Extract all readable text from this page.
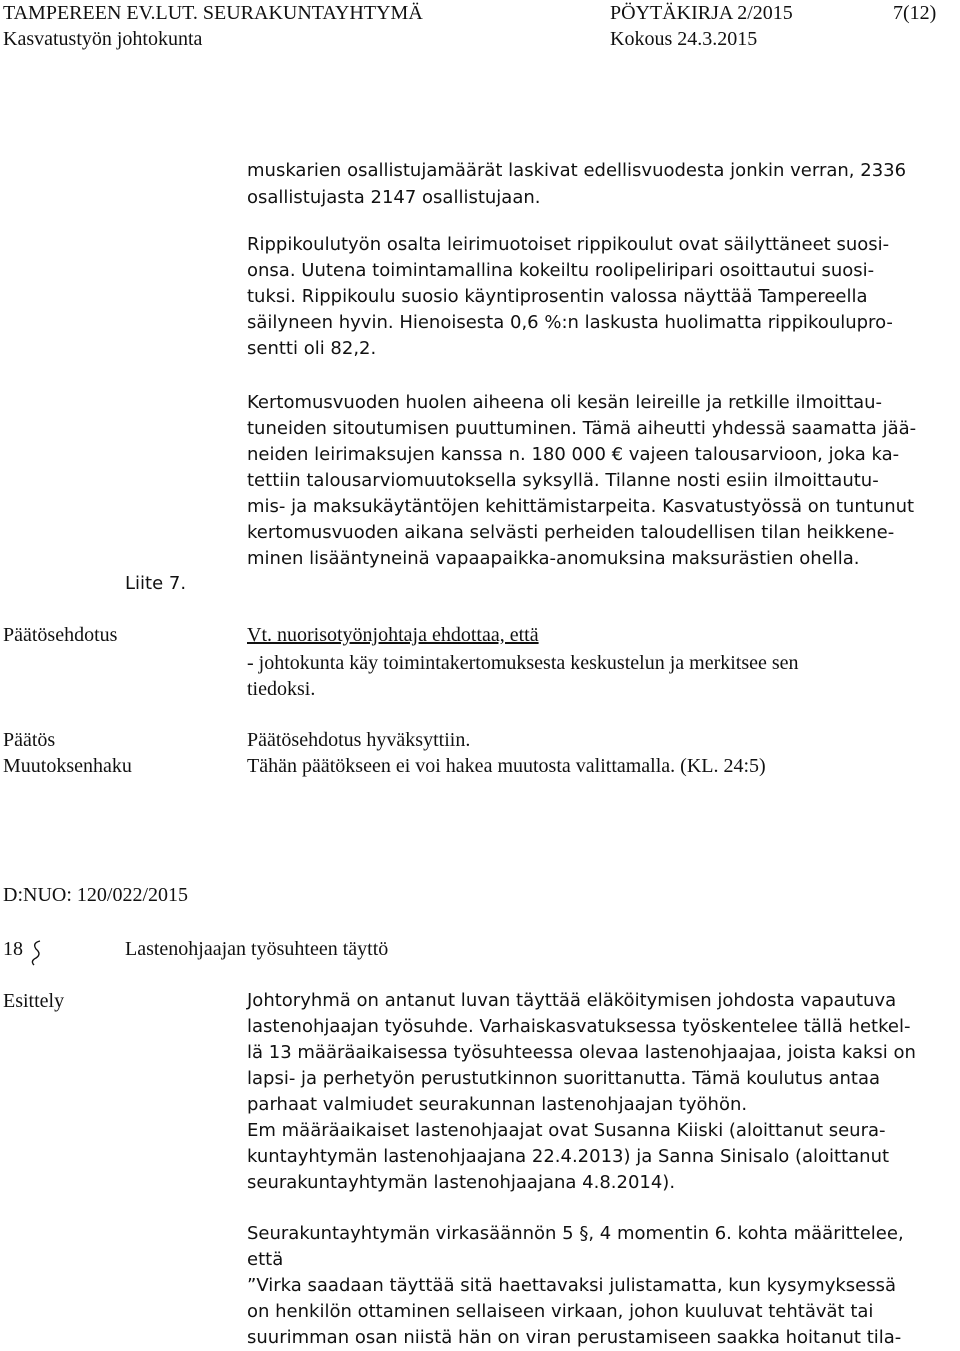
TAMPEREEN EV.LUT. SEURAKUNTAYHTYMÄ	PÖYTÄKIRJA 2/2015	7(12)
Kasvatustyön johtokunta	Kokous 24.3.2015
muskarien osallistujamäärät laskivat edellisvuodesta jonkin verran, 2336
osallistujasta 2147 osallistujaan.
Rippikoulutyön osalta leirimuotoiset rippikoulut ovat säilyttäneet suosi-
onsa. Uutena toimintamallina kokeiltu roolipeliripari osoittautui suosi-
tuksi. Rippikoulu suosio käyntiprosentin valossa näyttää Tampereella
säilyneen hyvin. Hienoisesta 0,6 %:n laskusta huolimatta rippikoulupro-
sentti oli 82,2.
Kertomusvuoden huolen aiheena oli kesän leireille ja retkille ilmoittau-
tuneiden sitoutumisen puuttuminen. Tämä aiheutti yhdessä saamatta jää-
neiden leirimaksujen kanssa n. 180 000 € vajeen talousarvioon, joka ka-
tettiin talousarviomuutoksella syksyllä. Tilanne nosti esiin ilmoittautu-
mis- ja maksukäytäntöjen kehittämistarpeita. Kasvatustyössä on tuntunut
kertomusvuoden aikana selvästi perheiden taloudellisen tilan heikkene-
minen lisääntyneinä vapaapaikka-anomuksina maksurästien ohella.
Liite 7.
Päätösehdotus	Vt. nuorisotyönjohtaja ehdottaa, että
- johtokunta käy toimintakertomuksesta keskustelun ja merkitsee sen
tiedoksi.
Päätös	Päätösehdotus hyväksyttiin.
Muutoksenhaku	Tähän päätökseen ei voi hakea muutosta valittamalla. (KL. 24:5)
D:NUO: 120/022/2015
18	Lastenohjaajan työsuhteen täyttö
Esittely	Johtoryhmä on antanut luvan täyttää eläköitymisen johdosta vapautuva
lastenohjaajan työsuhde. Varhaiskasvatuksessa työskentelee tällä hetkel-
lä 13 määräaikaisessa työsuhteessa olevaa lastenohjaajaa, joista kaksi on
lapsi- ja perhetyön perustutkinnon suorittanutta. Tämä koulutus antaa
parhaat valmiudet seurakunnan lastenohjaajan työhön.
Em määräaikaiset lastenohjaajat ovat Susanna Kiiski (aloittanut seura-
kuntayhtymän lastenohjaajana 22.4.2013) ja Sanna Sinisalo (aloittanut
seurakuntayhtymän lastenohjaajana 4.8.2014).
Seurakuntayhtymän virkasäännön 5 §, 4 momentin 6. kohta määrittelee,
että
”Virka saadaan täyttää sitä haettavaksi julistamatta, kun kysymyksessä
on henkilön ottaminen sellaiseen virkaan, johon kuuluvat tehtävät tai
suurimman osan niistä hän on viran perustamiseen saakka hoitanut tila-
